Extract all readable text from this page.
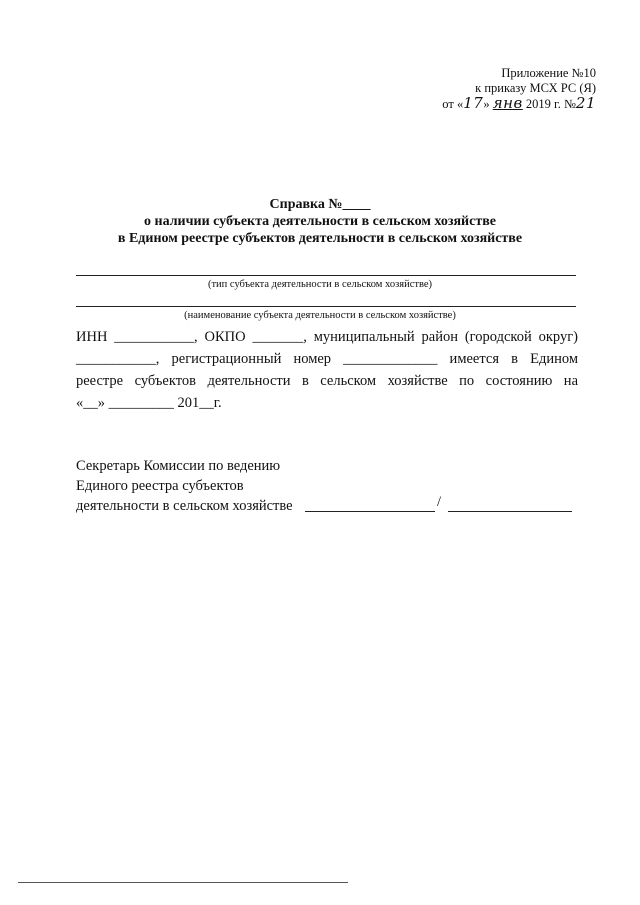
Приложение №10
к приказу МСХ РС (Я)
от «17» янв 2019 г. №21
Справка №____
о наличии субъекта деятельности в сельском хозяйстве
в Едином реестре субъектов деятельности в сельском хозяйстве
(тип субъекта деятельности в сельском хозяйстве)
(наименование субъекта деятельности в сельском хозяйстве)
ИНН ___________, ОКПО _______, муниципальный район (городской округ)
___________, регистрационный номер _____________ имеется в Едином
реестре субъектов деятельности в сельском хозяйстве по состоянию на
«__» _________ 201__г.
Секретарь Комиссии по ведению
Единого реестра субъектов
деятельности в сельском хозяйстве	/
